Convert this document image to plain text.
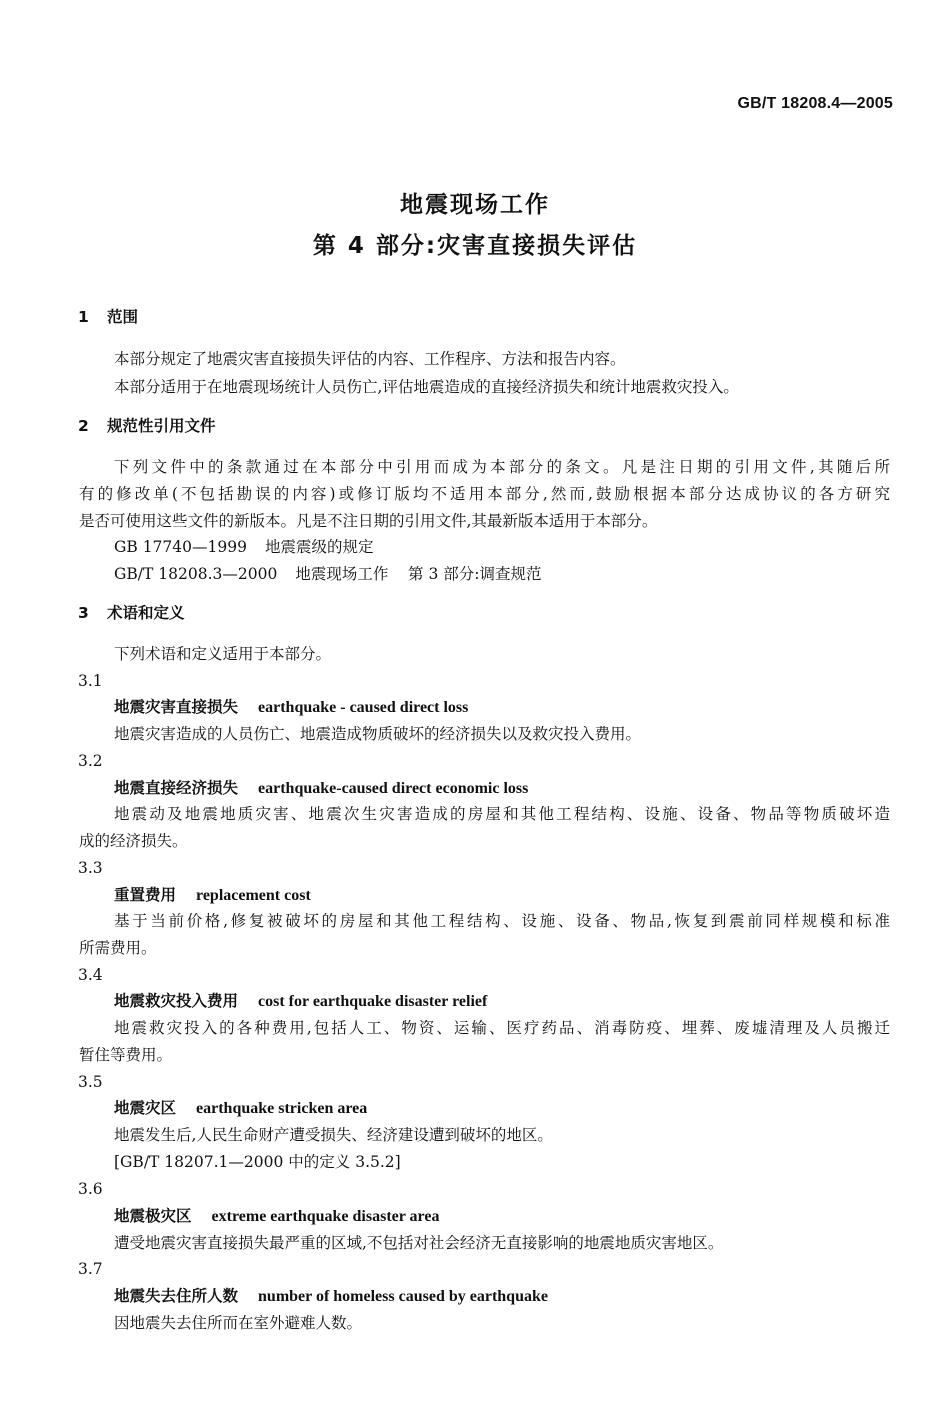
GB/T 18208.4—2005
地震现场工作
第 4 部分:灾害直接损失评估
1 范围
本部分规定了地震灾害直接损失评估的内容、工作程序、方法和报告内容。
本部分适用于在地震现场统计人员伤亡,评估地震造成的直接经济损失和统计地震救灾投入。
2 规范性引用文件
下列文件中的条款通过在本部分中引用而成为本部分的条文。凡是注日期的引用文件,其随后所
有的修改单(不包括勘误的内容)或修订版均不适用本部分,然而,鼓励根据本部分达成协议的各方研究
是否可使用这些文件的新版本。凡是不注日期的引用文件,其最新版本适用于本部分。
GB 17740—1999 地震震级的规定
GB/T 18208.3—2000 地震现场工作    第 3 部分:调查规范
3 术语和定义
下列术语和定义适用于本部分。
3.1
地震灾害直接损失 earthquake - caused direct loss
地震灾害造成的人员伤亡、地震造成物质破坏的经济损失以及救灾投入费用。
3.2
地震直接经济损失 earthquake-caused direct economic loss
地震动及地震地质灾害、地震次生灾害造成的房屋和其他工程结构、设施、设备、物品等物质破坏造
成的经济损失。
3.3
重置费用 replacement cost
基于当前价格,修复被破坏的房屋和其他工程结构、设施、设备、物品,恢复到震前同样规模和标准
所需费用。
3.4
地震救灾投入费用 cost for earthquake disaster relief
地震救灾投入的各种费用,包括人工、物资、运输、医疗药品、消毒防疫、埋葬、废墟清理及人员搬迁
暂住等费用。
3.5
地震灾区 earthquake stricken area
地震发生后,人民生命财产遭受损失、经济建设遭到破坏的地区。
[GB/T 18207.1—2000 中的定义 3.5.2]
3.6
地震极灾区 extreme earthquake disaster area
遭受地震灾害直接损失最严重的区域,不包括对社会经济无直接影响的地震地质灾害地区。
3.7
地震失去住所人数 number of homeless caused by earthquake
因地震失去住所而在室外避难人数。
